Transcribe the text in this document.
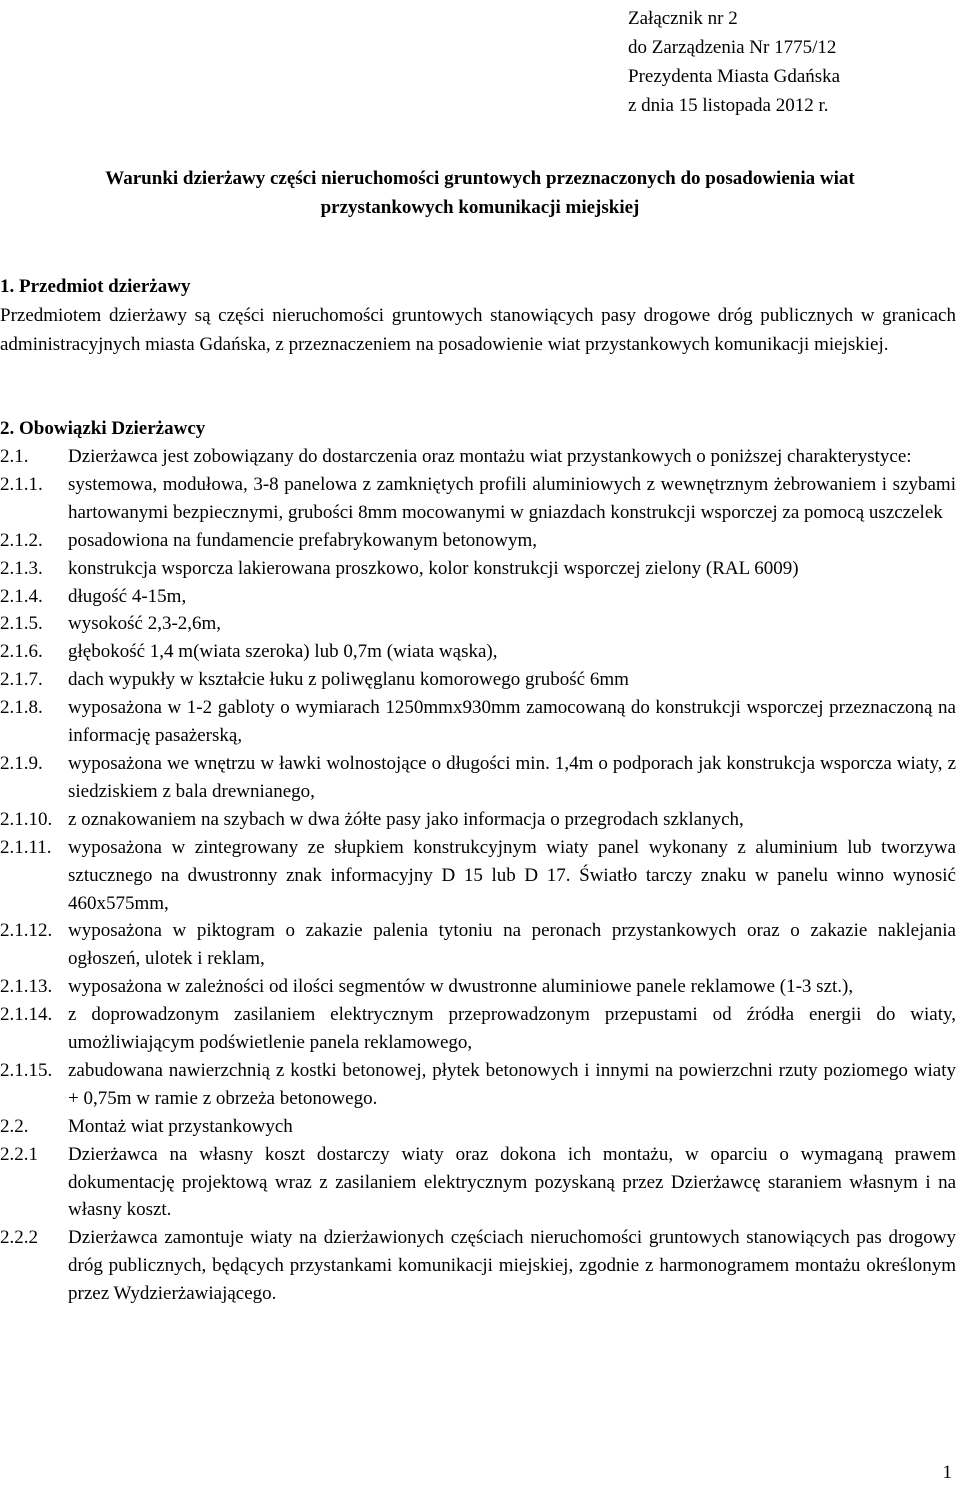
Załącznik nr 2
do Zarządzenia Nr 1775/12
Prezydenta Miasta Gdańska
z dnia 15 listopada 2012 r.
Warunki dzierżawy części nieruchomości gruntowych przeznaczonych do posadowienia wiat
przystankowych komunikacji miejskiej
1. Przedmiot dzierżawy
Przedmiotem dzierżawy są części nieruchomości gruntowych stanowiących pasy drogowe dróg publicznych w granicach administracyjnych miasta Gdańska, z przeznaczeniem na posadowienie wiat przystankowych komunikacji miejskiej.
2. Obowiązki Dzierżawcy
2.1.	Dzierżawca jest zobowiązany do dostarczenia oraz montażu wiat przystankowych o poniższej charakterystyce:
2.1.1.	systemowa, modułowa, 3-8 panelowa z zamkniętych profili aluminiowych z wewnętrznym żebrowaniem i szybami hartowanymi bezpiecznymi, grubości 8mm mocowanymi w gniazdach konstrukcji wsporczej za pomocą uszczelek
2.1.2.	posadowiona na fundamencie prefabrykowanym betonowym,
2.1.3.	konstrukcja wsporcza lakierowana proszkowo, kolor konstrukcji wsporczej zielony (RAL 6009)
2.1.4.	długość 4-15m,
2.1.5.	wysokość 2,3-2,6m,
2.1.6.	głębokość 1,4 m(wiata szeroka) lub 0,7m (wiata wąska),
2.1.7.	dach wypukły w kształcie łuku z poliwęglanu komorowego grubość 6mm
2.1.8.	wyposażona w 1-2 gabloty o wymiarach 1250mmx930mm zamocowaną do konstrukcji wsporczej przeznaczoną na informację pasażerską,
2.1.9.	wyposażona we wnętrzu w ławki wolnostojące o długości min. 1,4m o podporach jak konstrukcja wsporcza wiaty, z siedziskiem z bala drewnianego,
2.1.10. z oznakowaniem na szybach w dwa żółte pasy jako informacja o przegrodach szklanych,
2.1.11. wyposażona w zintegrowany ze słupkiem konstrukcyjnym wiaty panel wykonany z aluminium lub tworzywa sztucznego na dwustronny znak informacyjny D 15 lub D 17. Światło tarczy znaku w panelu winno wynosić 460x575mm,
2.1.12. wyposażona w piktogram o zakazie palenia tytoniu na peronach przystankowych oraz o zakazie naklejania ogłoszeń, ulotek i reklam,
2.1.13. wyposażona w zależności od ilości segmentów w dwustronne aluminiowe panele reklamowe (1-3 szt.),
2.1.14. z doprowadzonym zasilaniem elektrycznym przeprowadzonym przepustami od źródła energii do wiaty, umożliwiającym podświetlenie panela reklamowego,
2.1.15. zabudowana nawierzchnią z kostki betonowej, płytek betonowych i innymi na powierzchni rzuty poziomego wiaty + 0,75m w ramie z obrzeża betonowego.
2.2.	Montaż wiat przystankowych
2.2.1	Dzierżawca na własny koszt dostarczy wiaty oraz dokona ich montażu, w oparciu o wymaganą prawem dokumentację projektową wraz z zasilaniem elektrycznym pozyskaną przez Dzierżawcę staraniem własnym i na własny koszt.
2.2.2	Dzierżawca zamontuje wiaty na dzierżawionych częściach nieruchomości gruntowych stanowiących pas drogowy dróg publicznych, będących przystankami komunikacji miejskiej, zgodnie z harmonogramem montażu określonym przez Wydzierżawiającego.
1
